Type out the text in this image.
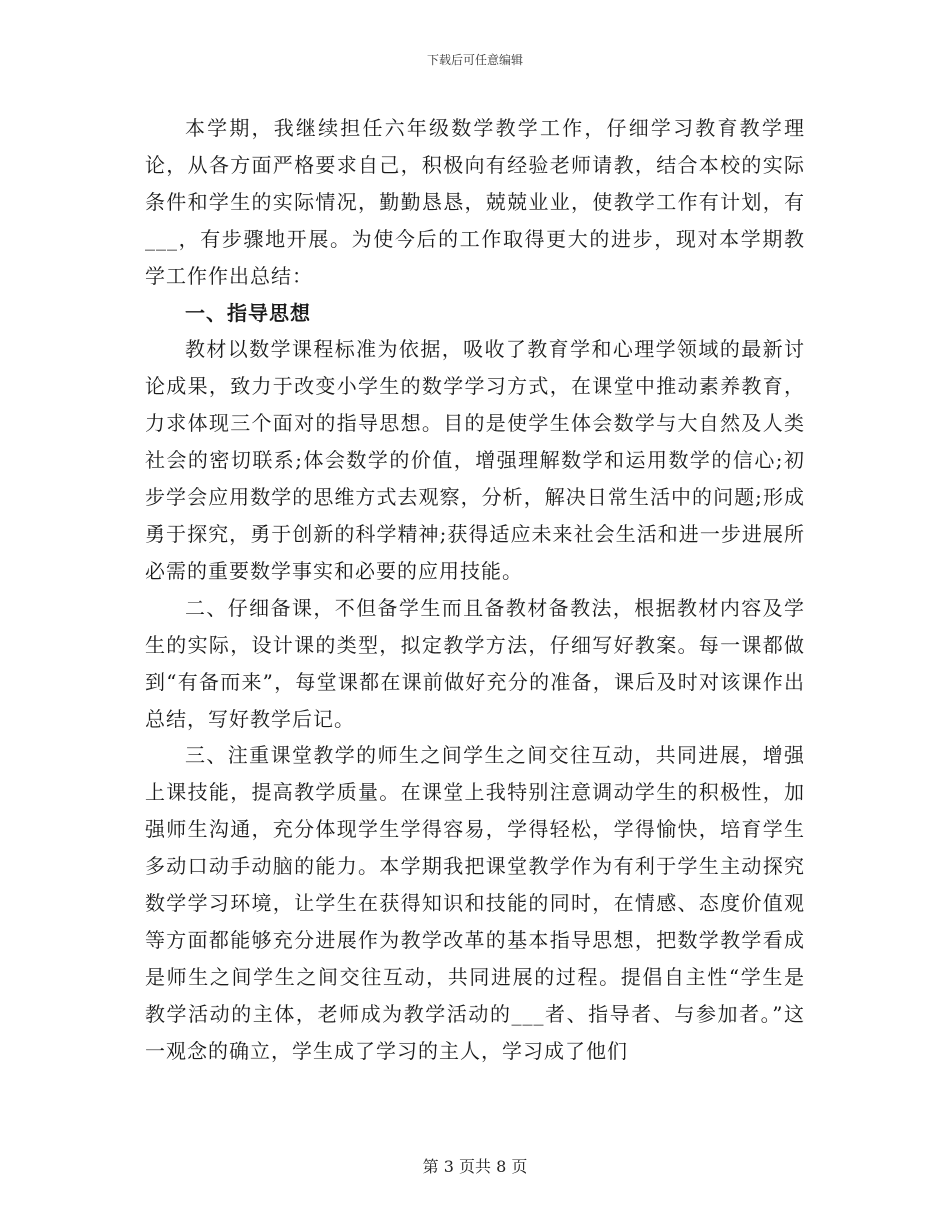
下载后可任意编辑

本学期，我继续担任六年级数学教学工作，仔细学习教育教学理论，从各方面严格要求自己，积极向有经验老师请教，结合本校的实际条件和学生的实际情况，勤勤恳恳，兢兢业业，使教学工作有计划，有___，有步骤地开展。为使今后的工作取得更大的进步，现对本学期教学工作作出总结：

一、指导思想

教材以数学课程标准为依据，吸收了教育学和心理学领域的最新讨论成果，致力于改变小学生的数学学习方式，在课堂中推动素养教育，力求体现三个面对的指导思想。目的是使学生体会数学与大自然及人类社会的密切联系;体会数学的价值，增强理解数学和运用数学的信心;初步学会应用数学的思维方式去观察，分析，解决日常生活中的问题;形成勇于探究，勇于创新的科学精神;获得适应未来社会生活和进一步进展所必需的重要数学事实和必要的应用技能。

二、仔细备课，不但备学生而且备教材备教法，根据教材内容及学生的实际，设计课的类型，拟定教学方法，仔细写好教案。每一课都做到“有备而来”，每堂课都在课前做好充分的准备，课后及时对该课作出总结，写好教学后记。

三、注重课堂教学的师生之间学生之间交往互动，共同进展，增强上课技能，提高教学质量。在课堂上我特别注意调动学生的积极性，加强师生沟通，充分体现学生学得容易，学得轻松，学得愉快，培育学生多动口动手动脑的能力。本学期我把课堂教学作为有利于学生主动探究数学学习环境，让学生在获得知识和技能的同时，在情感、态度价值观等方面都能够充分进展作为教学改革的基本指导思想，把数学教学看成是师生之间学生之间交往互动，共同进展的过程。提倡自主性“学生是教学活动的主体，老师成为教学活动的___者、指导者、与参加者。”这一观念的确立，学生成了学习的主人，学习成了他们

第 3 页共 8 页
